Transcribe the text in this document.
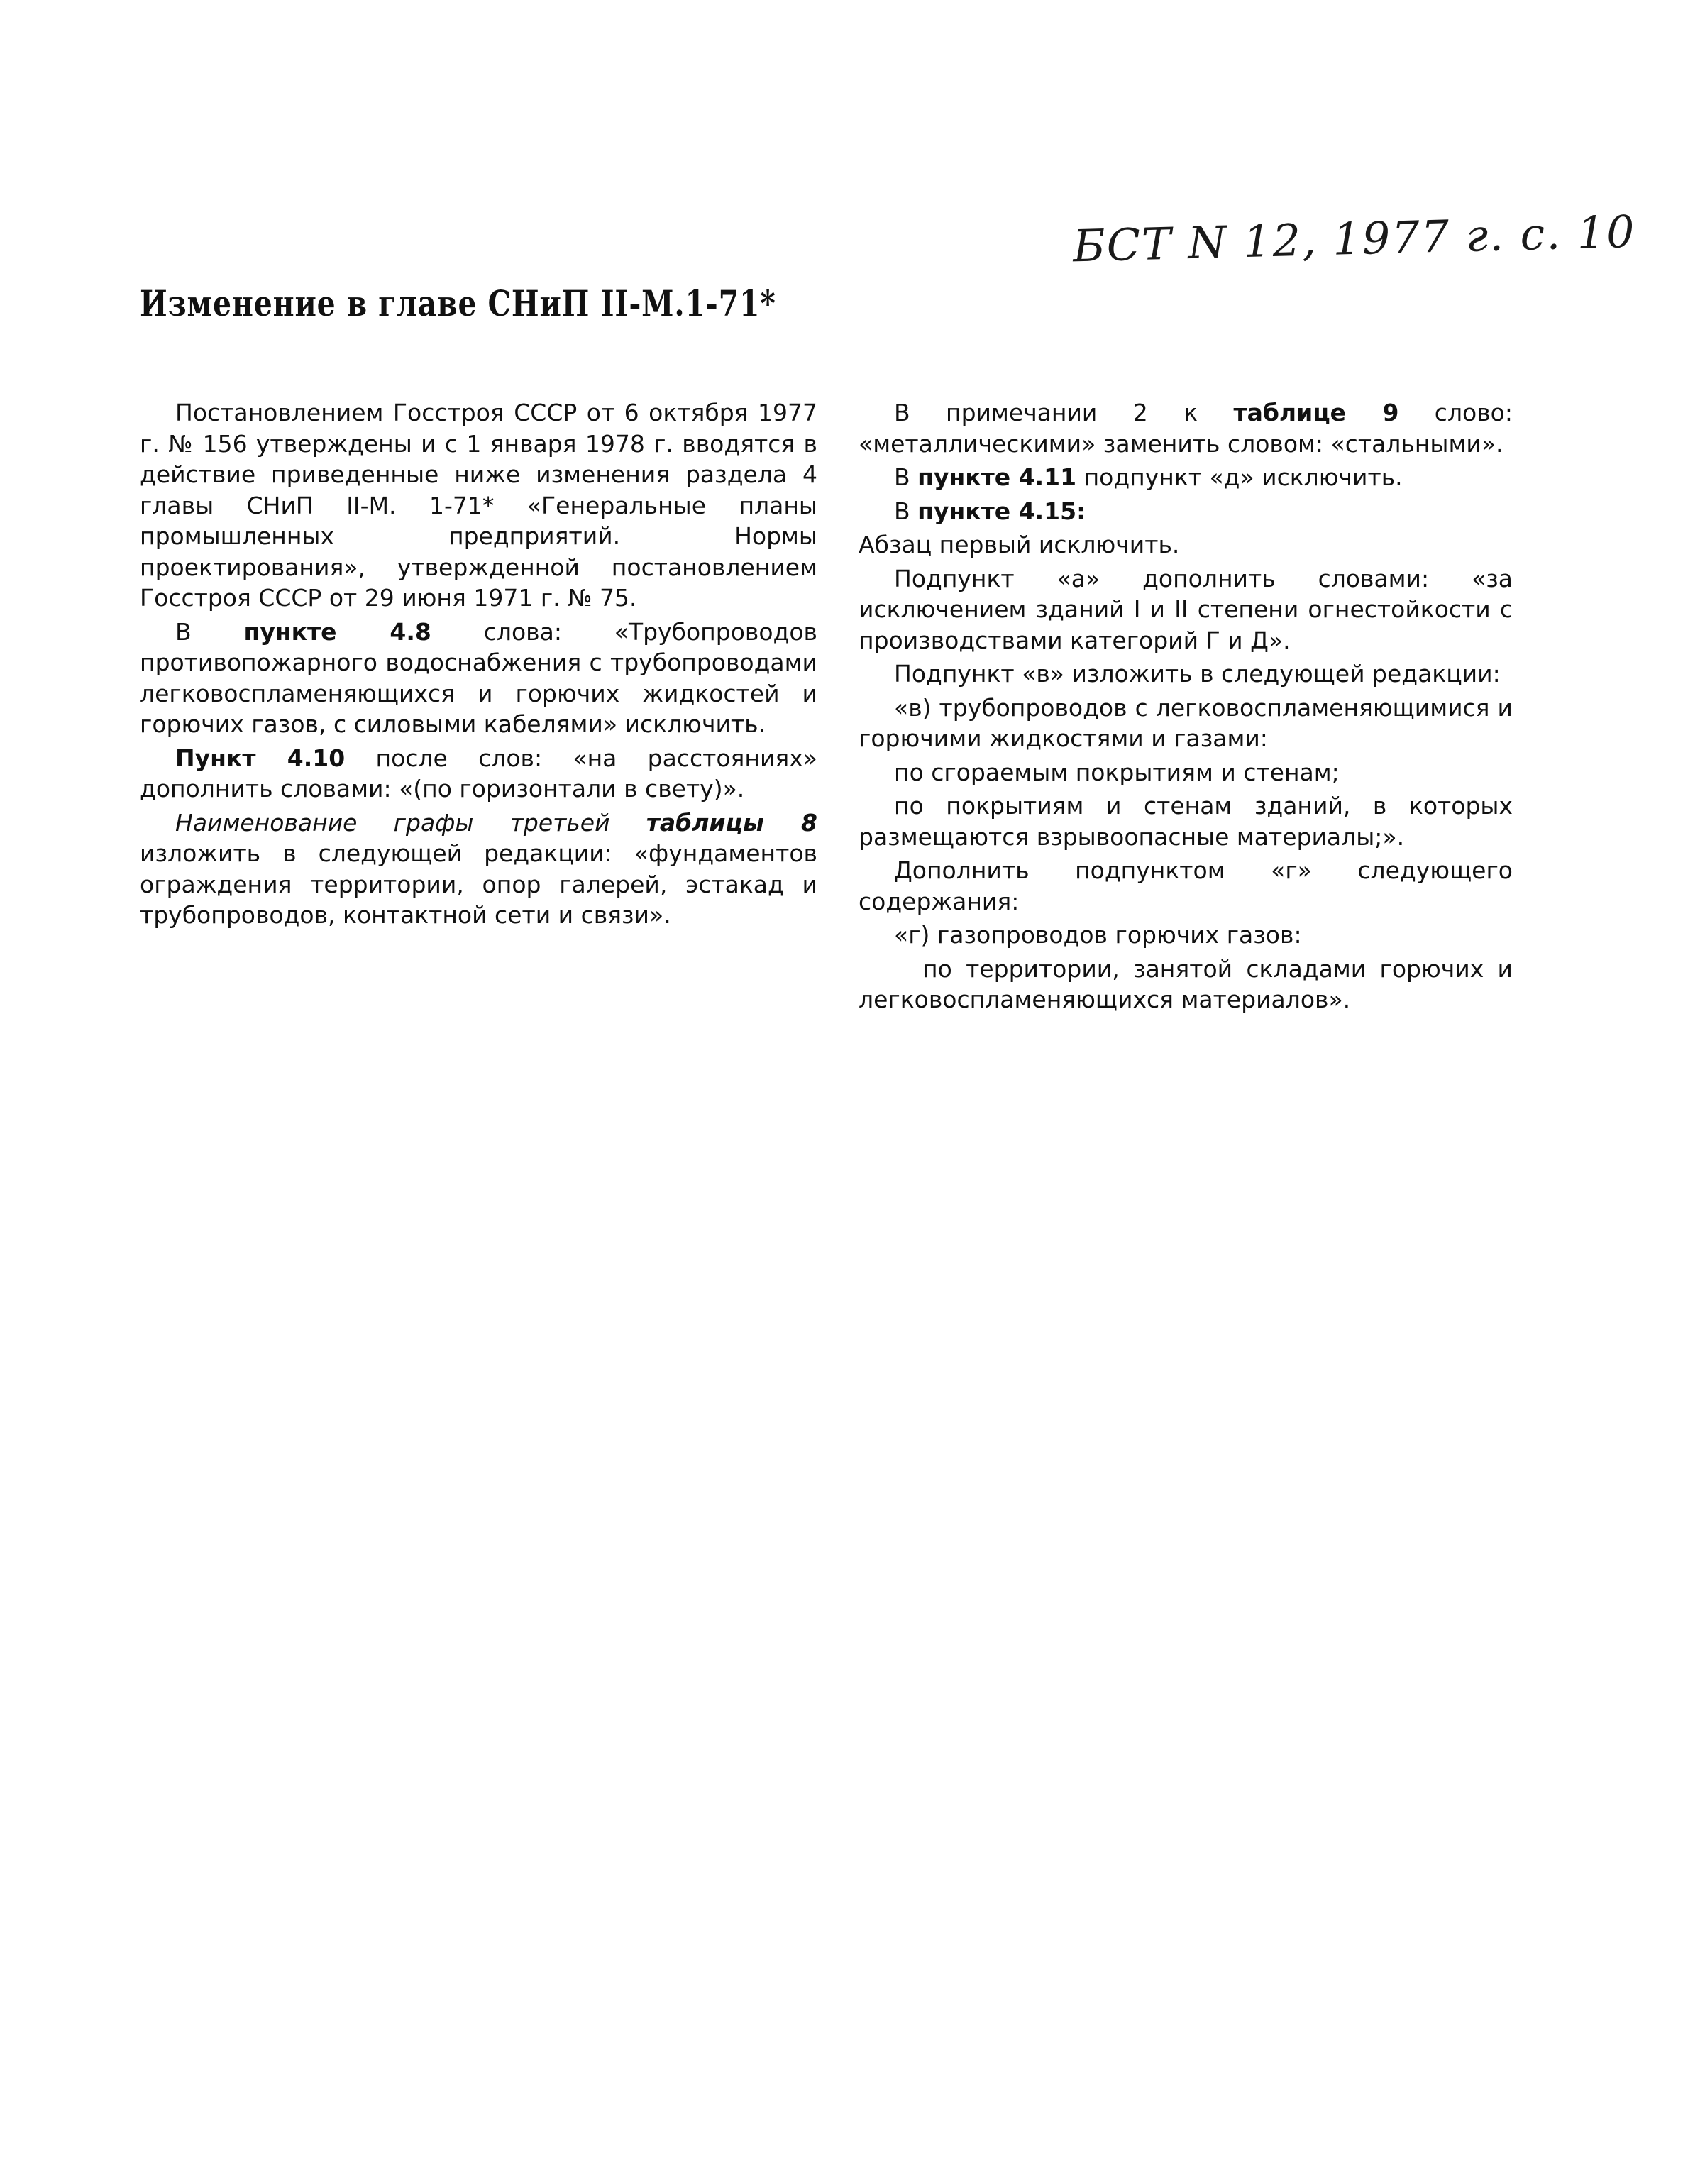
БСТ N 12, 1977 г. с. 10
Изменение в главе СНиП II-М.1-71*

Постановлением Госстроя СССР от 6 октября 1977 г. № 156 утверждены и с 1 января 1978 г. вводятся в действие приведенные ниже изменения раздела 4 главы СНиП II-М. 1-71* «Генеральные планы промышленных предприятий. Нормы проектирования», утвержденной постановлением Госстроя СССР от 29 июня 1971 г. № 75.

В пункте 4.8 слова: «Трубопроводов противопожарного водоснабжения с трубопроводами легковоспламеняющихся и горючих жидкостей и горючих газов, с силовыми кабелями» исключить.

Пункт 4.10 после слов: «на расстояниях» дополнить словами: «(по горизонтали в свету)».

Наименование графы третьей таблицы 8 изложить в следующей редакции: «фундаментов ограждения территории, опор галерей, эстакад и трубопроводов, контактной сети и связи».

В примечании 2 к таблице 9 слово: «металлическими» заменить словом: «стальными».

В пункте 4.11 подпункт «д» исключить.

В пункте 4.15:

Абзац первый исключить.

Подпункт «а» дополнить словами: «за исключением зданий I и II степени огнестойкости с производствами категорий Г и Д».

Подпункт «в» изложить в следующей редакции:

«в) трубопроводов с легковоспламеняющимися и горючими жидкостями и газами:

по сгораемым покрытиям и стенам;

по покрытиям и стенам зданий, в которых размещаются взрывоопасные материалы;».

Дополнить подпунктом «г» следующего содержания:

«г) газопроводов горючих газов:

по территории, занятой складами горючих и легковоспламеняющихся материалов».
